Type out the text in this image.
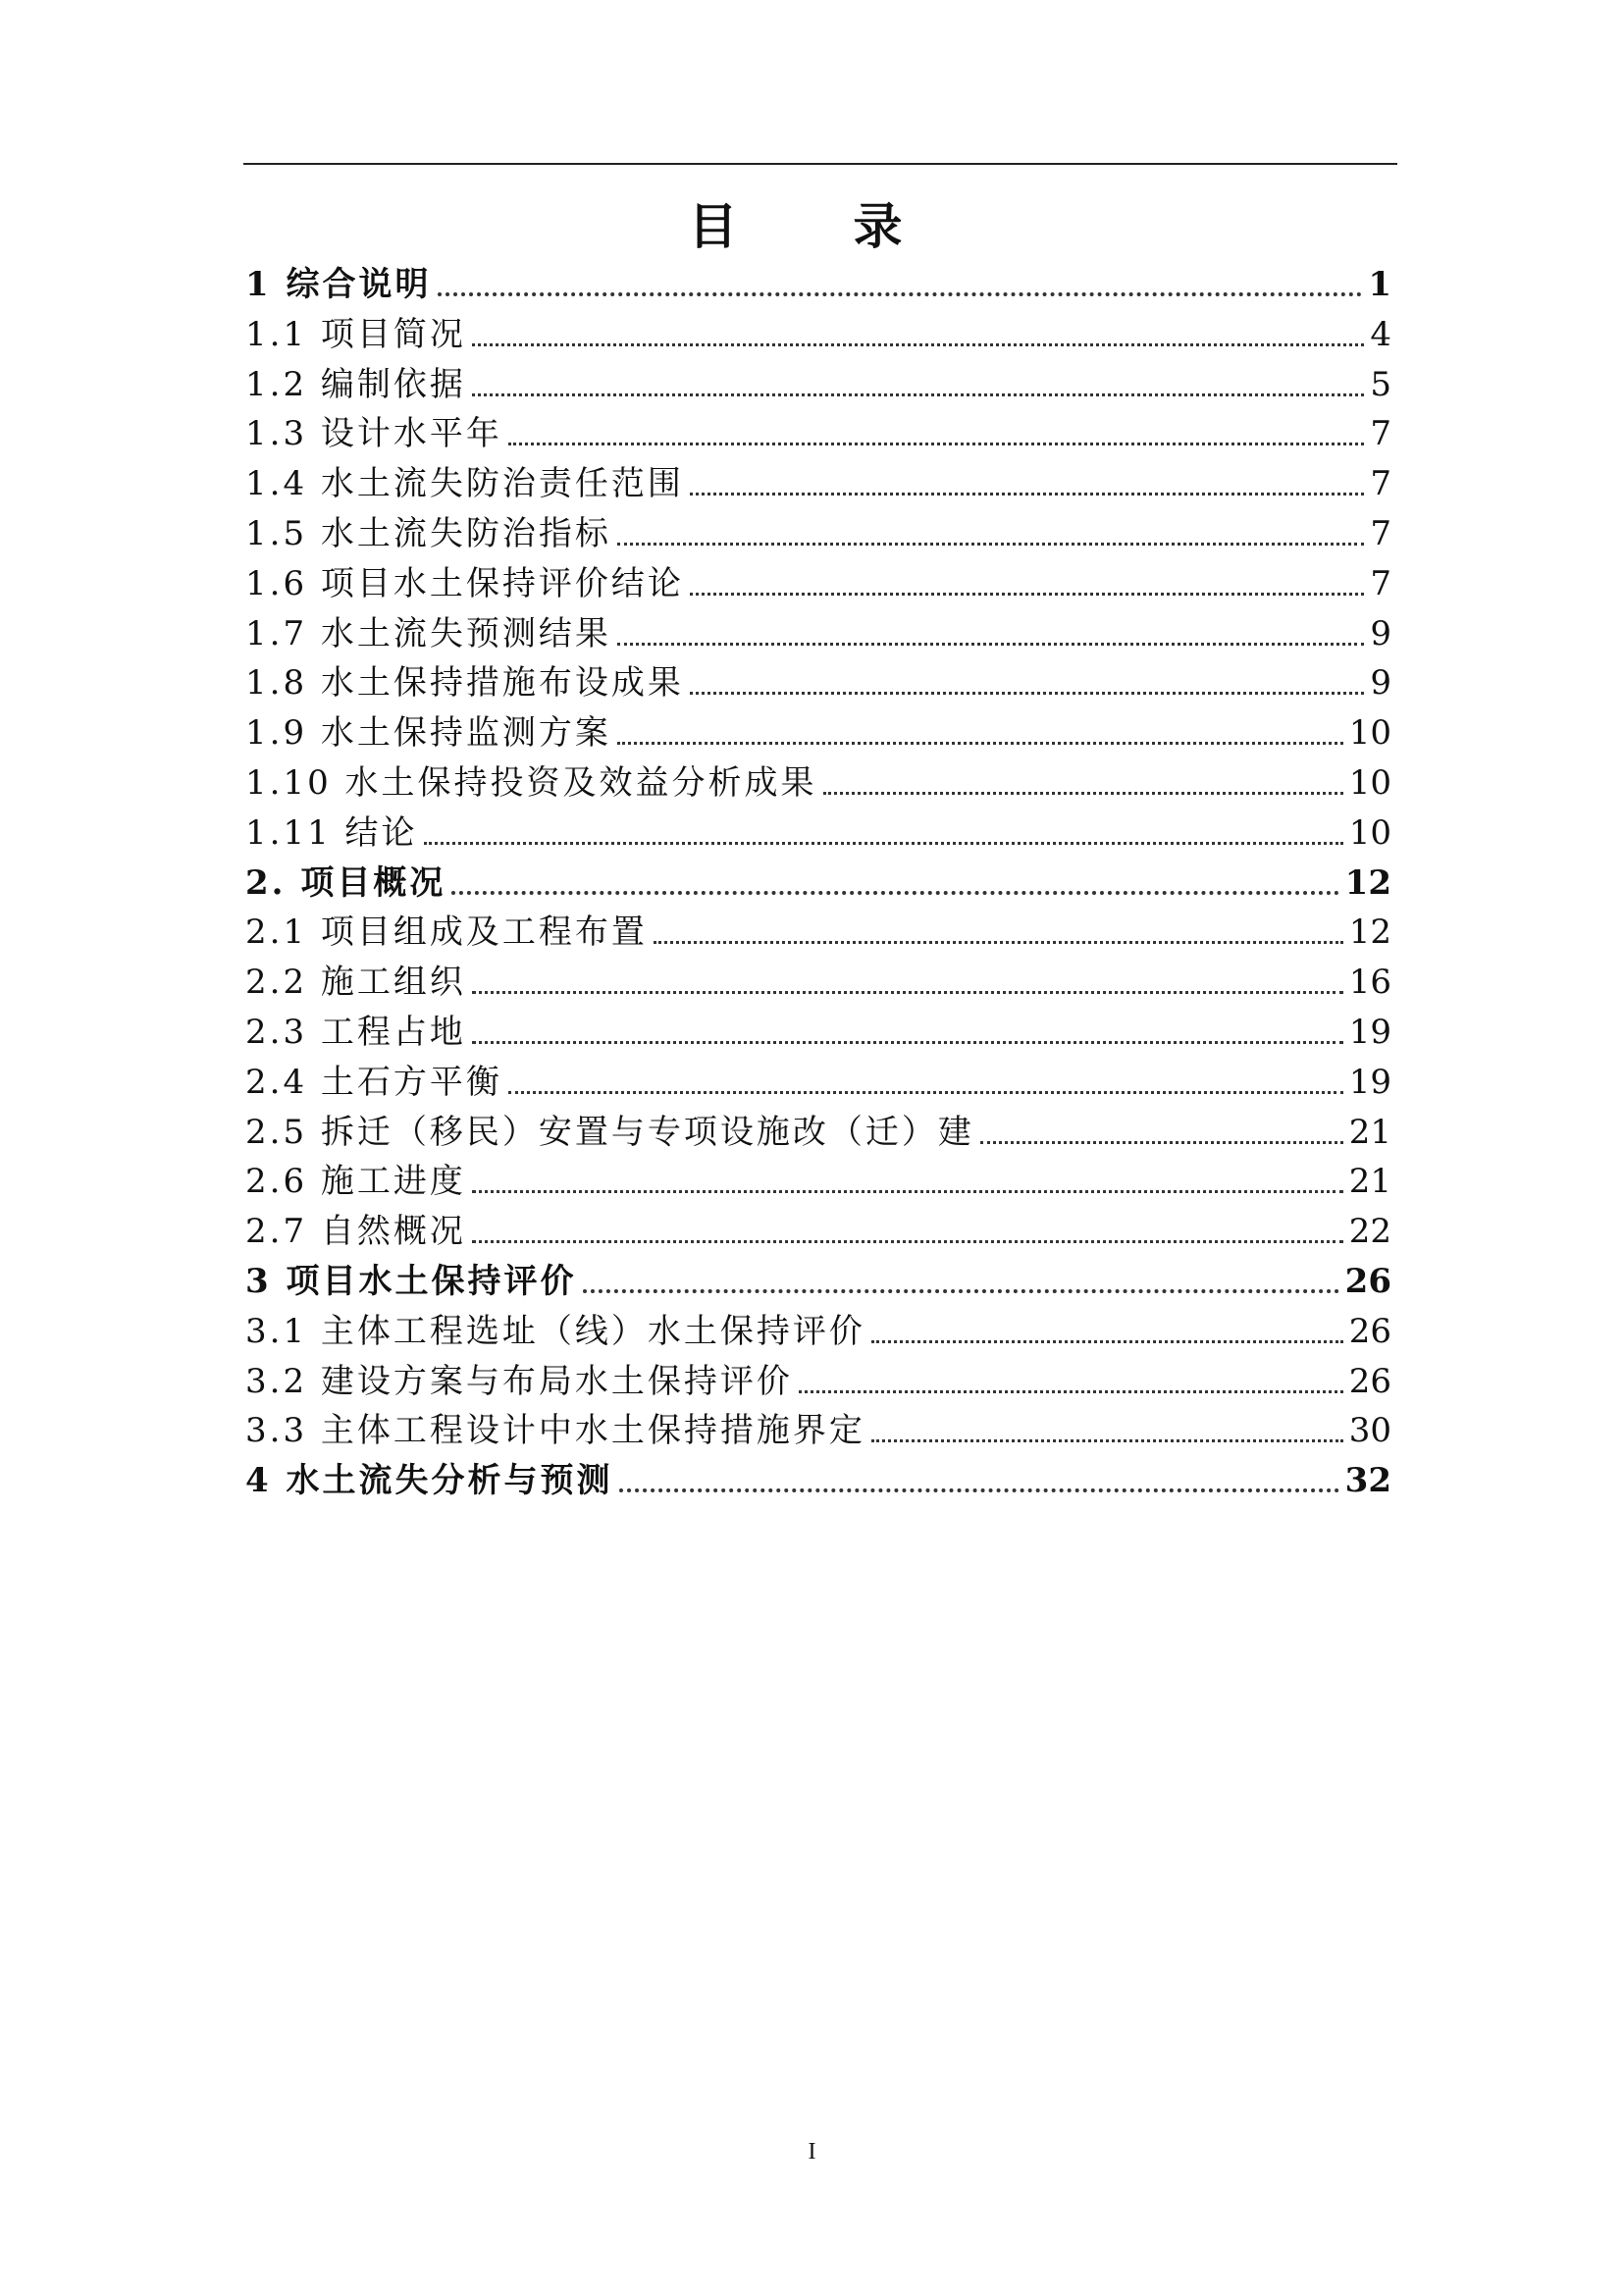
目　录
1 综合说明	1
1.1 项目简况	4
1.2 编制依据	5
1.3 设计水平年	7
1.4 水土流失防治责任范围	7
1.5 水土流失防治指标	7
1.6 项目水土保持评价结论	7
1.7 水土流失预测结果	9
1.8 水土保持措施布设成果	9
1.9 水土保持监测方案	10
1.10 水土保持投资及效益分析成果	10
1.11 结论	10
2. 项目概况	12
2.1 项目组成及工程布置	12
2.2 施工组织	16
2.3 工程占地	19
2.4 土石方平衡	19
2.5 拆迁（移民）安置与专项设施改（迁）建	21
2.6 施工进度	21
2.7 自然概况	22
3 项目水土保持评价	26
3.1 主体工程选址（线）水土保持评价	26
3.2 建设方案与布局水土保持评价	26
3.3 主体工程设计中水土保持措施界定	30
4 水土流失分析与预测	32
I
